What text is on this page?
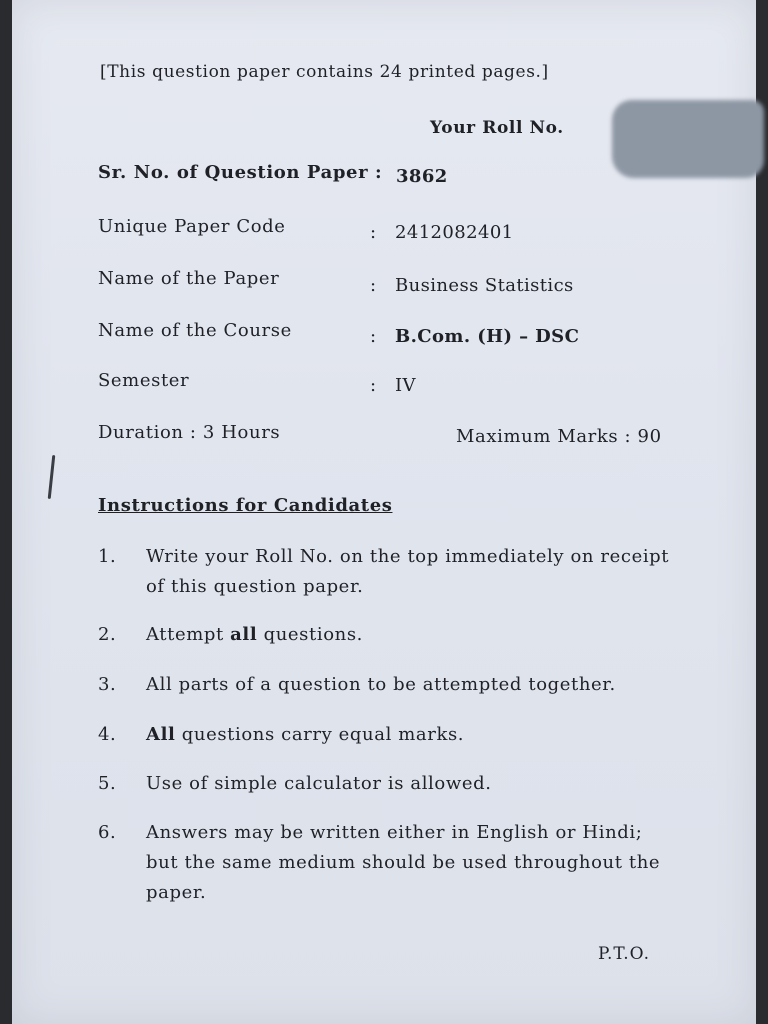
[This question paper contains 24 printed pages.]
Your Roll No.
Sr. No. of Question Paper : 3862
Unique Paper Code	: 2412082401
Name of the Paper	: Business Statistics
Name of the Course	: B.Com. (H) – DSC
Semester	: IV
Duration : 3 Hours	Maximum Marks : 90
Instructions for Candidates
1.	Write your Roll No. on the top immediately on receipt of this question paper.
2.	Attempt all questions.
3.	All parts of a question to be attempted together.
4.	All questions carry equal marks.
5.	Use of simple calculator is allowed.
6.	Answers may be written either in English or Hindi; but the same medium should be used throughout the paper.
P.T.O.
